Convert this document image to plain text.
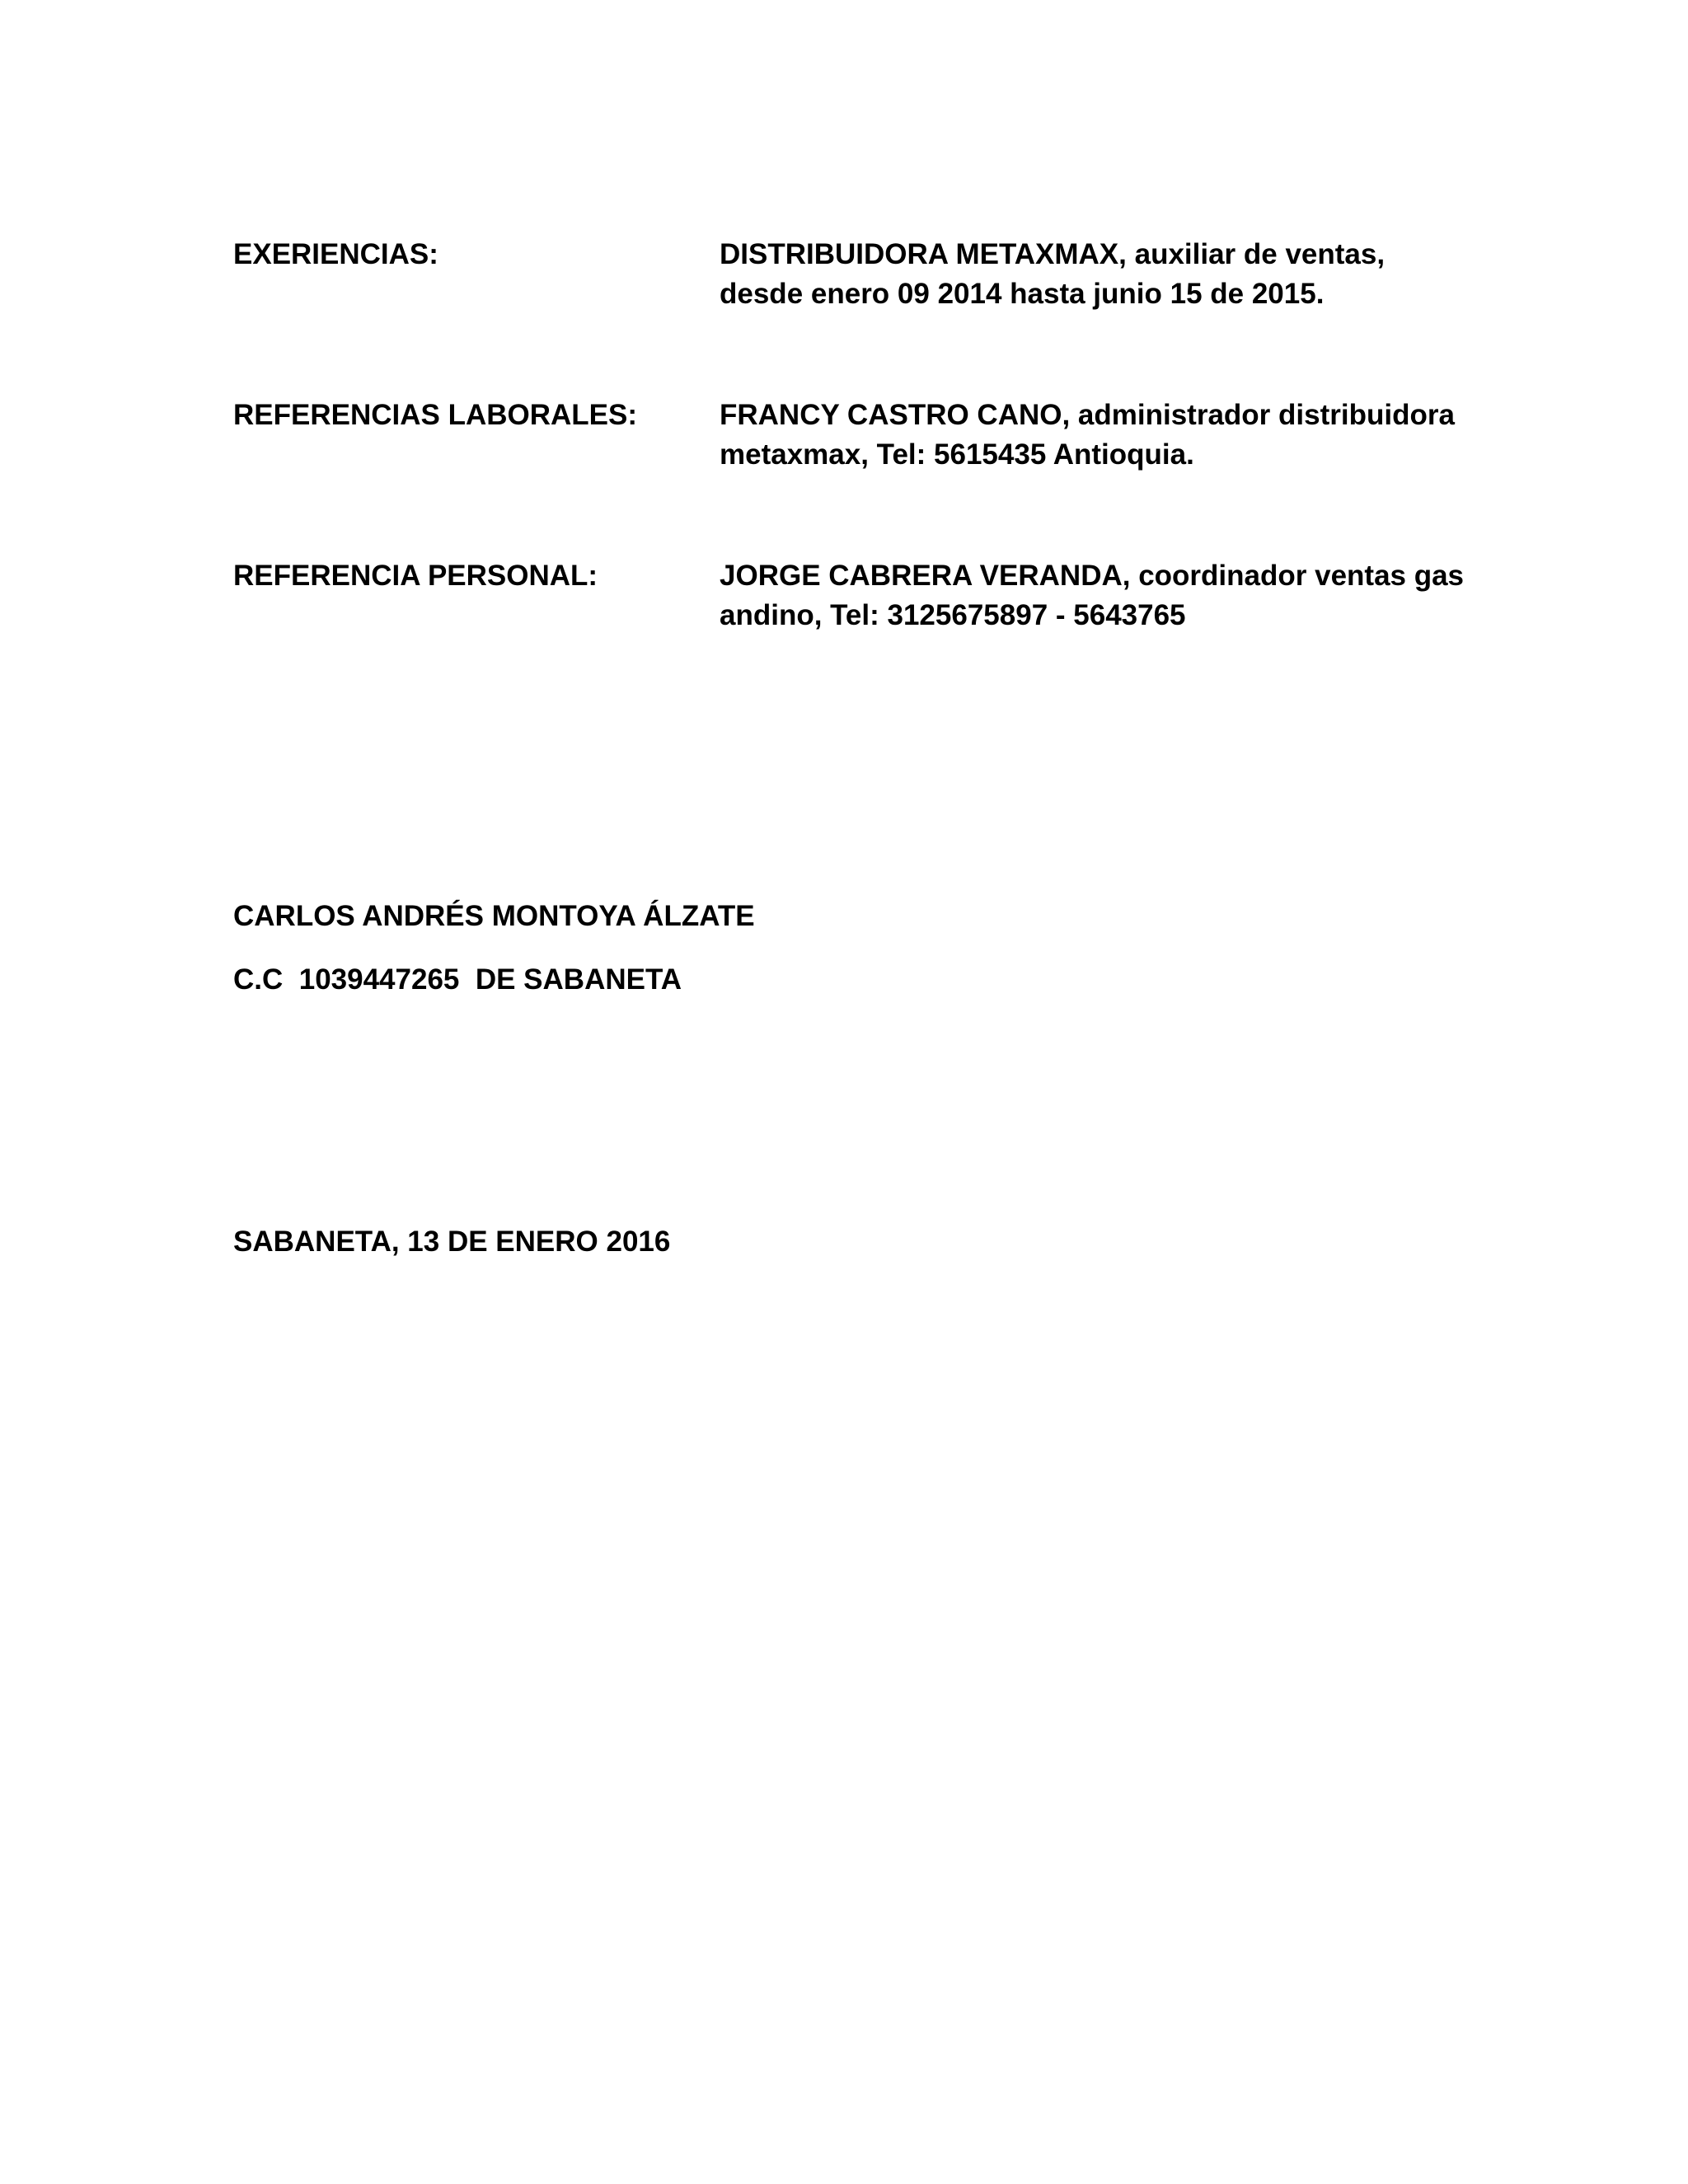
EXERIENCIAS:	DISTRIBUIDORA METAXMAX, auxiliar de ventas,
desde enero 09 2014 hasta junio 15 de 2015.
REFERENCIAS LABORALES:	FRANCY CASTRO CANO, administrador distribuidora
metaxmax, Tel: 5615435 Antioquia.
REFERENCIA PERSONAL:	JORGE CABRERA VERANDA, coordinador ventas gas
andino, Tel: 3125675897 - 5643765
CARLOS ANDRÉS MONTOYA ÁLZATE
C.C  1039447265  DE SABANETA
SABANETA, 13 DE ENERO 2016
